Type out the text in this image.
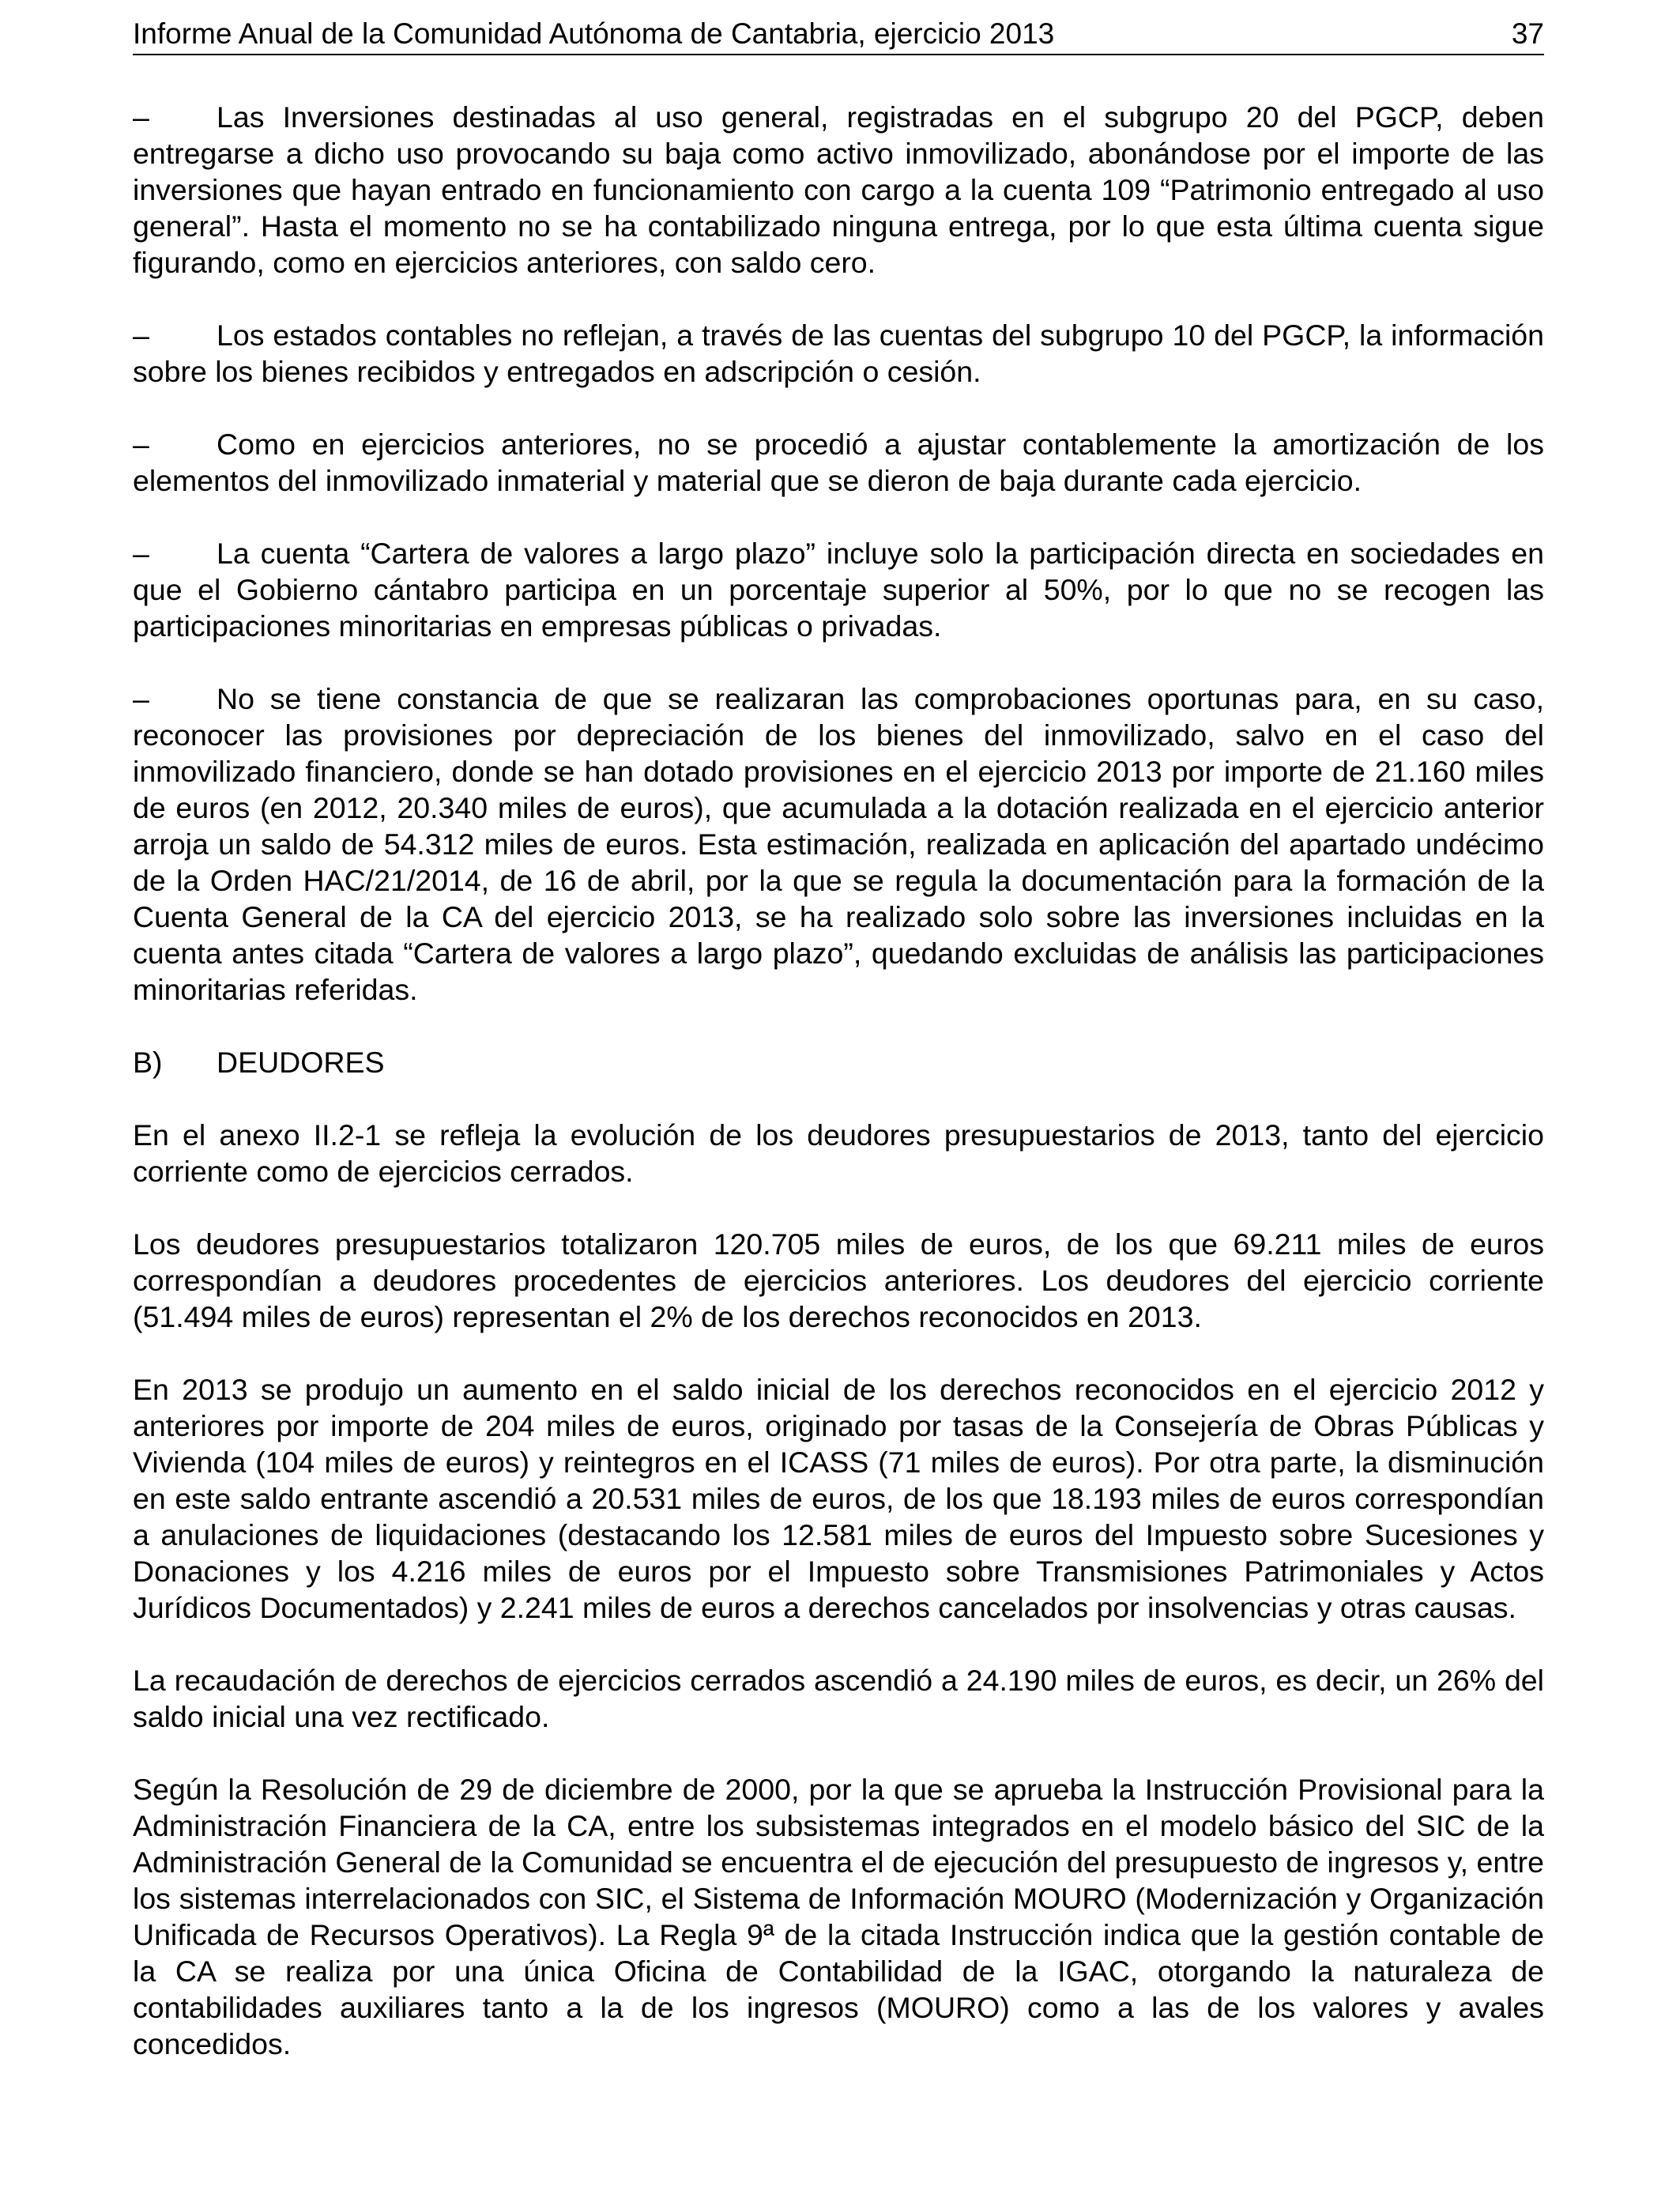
Informe Anual de la Comunidad Autónoma de Cantabria, ejercicio 2013	37

– Las Inversiones destinadas al uso general, registradas en el subgrupo 20 del PGCP, deben entregarse a dicho uso provocando su baja como activo inmovilizado, abonándose por el importe de las inversiones que hayan entrado en funcionamiento con cargo a la cuenta 109 “Patrimonio entregado al uso general”. Hasta el momento no se ha contabilizado ninguna entrega, por lo que esta última cuenta sigue figurando, como en ejercicios anteriores, con saldo cero.

– Los estados contables no reflejan, a través de las cuentas del subgrupo 10 del PGCP, la información sobre los bienes recibidos y entregados en adscripción o cesión.

– Como en ejercicios anteriores, no se procedió a ajustar contablemente la amortización de los elementos del inmovilizado inmaterial y material que se dieron de baja durante cada ejercicio.

– La cuenta “Cartera de valores a largo plazo” incluye solo la participación directa en sociedades en que el Gobierno cántabro participa en un porcentaje superior al 50%, por lo que no se recogen las participaciones minoritarias en empresas públicas o privadas.

– No se tiene constancia de que se realizaran las comprobaciones oportunas para, en su caso, reconocer las provisiones por depreciación de los bienes del inmovilizado, salvo en el caso del inmovilizado financiero, donde se han dotado provisiones en el ejercicio 2013 por importe de 21.160 miles de euros (en 2012, 20.340 miles de euros), que acumulada a la dotación realizada en el ejercicio anterior arroja un saldo de 54.312 miles de euros. Esta estimación, realizada en aplicación del apartado undécimo de la Orden HAC/21/2014, de 16 de abril, por la que se regula la documentación para la formación de la Cuenta General de la CA del ejercicio 2013, se ha realizado solo sobre las inversiones incluidas en la cuenta antes citada “Cartera de valores a largo plazo”, quedando excluidas de análisis las participaciones minoritarias referidas.

B) DEUDORES

En el anexo II.2-1 se refleja la evolución de los deudores presupuestarios de 2013, tanto del ejercicio corriente como de ejercicios cerrados.

Los deudores presupuestarios totalizaron 120.705 miles de euros, de los que 69.211 miles de euros correspondían a deudores procedentes de ejercicios anteriores. Los deudores del ejercicio corriente (51.494 miles de euros) representan el 2% de los derechos reconocidos en 2013.

En 2013 se produjo un aumento en el saldo inicial de los derechos reconocidos en el ejercicio 2012 y anteriores por importe de 204 miles de euros, originado por tasas de la Consejería de Obras Públicas y Vivienda (104 miles de euros) y reintegros en el ICASS (71 miles de euros). Por otra parte, la disminución en este saldo entrante ascendió a 20.531 miles de euros, de los que 18.193 miles de euros correspondían a anulaciones de liquidaciones (destacando los 12.581 miles de euros del Impuesto sobre Sucesiones y Donaciones y los 4.216 miles de euros por el Impuesto sobre Transmisiones Patrimoniales y Actos Jurídicos Documentados) y 2.241 miles de euros a derechos cancelados por insolvencias y otras causas.

La recaudación de derechos de ejercicios cerrados ascendió a 24.190 miles de euros, es decir, un 26% del saldo inicial una vez rectificado.

Según la Resolución de 29 de diciembre de 2000, por la que se aprueba la Instrucción Provisional para la Administración Financiera de la CA, entre los subsistemas integrados en el modelo básico del SIC de la Administración General de la Comunidad se encuentra el de ejecución del presupuesto de ingresos y, entre los sistemas interrelacionados con SIC, el Sistema de Información MOURO (Modernización y Organización Unificada de Recursos Operativos). La Regla 9ª de la citada Instrucción indica que la gestión contable de la CA se realiza por una única Oficina de Contabilidad de la IGAC, otorgando la naturaleza de contabilidades auxiliares tanto a la de los ingresos (MOURO) como a las de los valores y avales concedidos.
